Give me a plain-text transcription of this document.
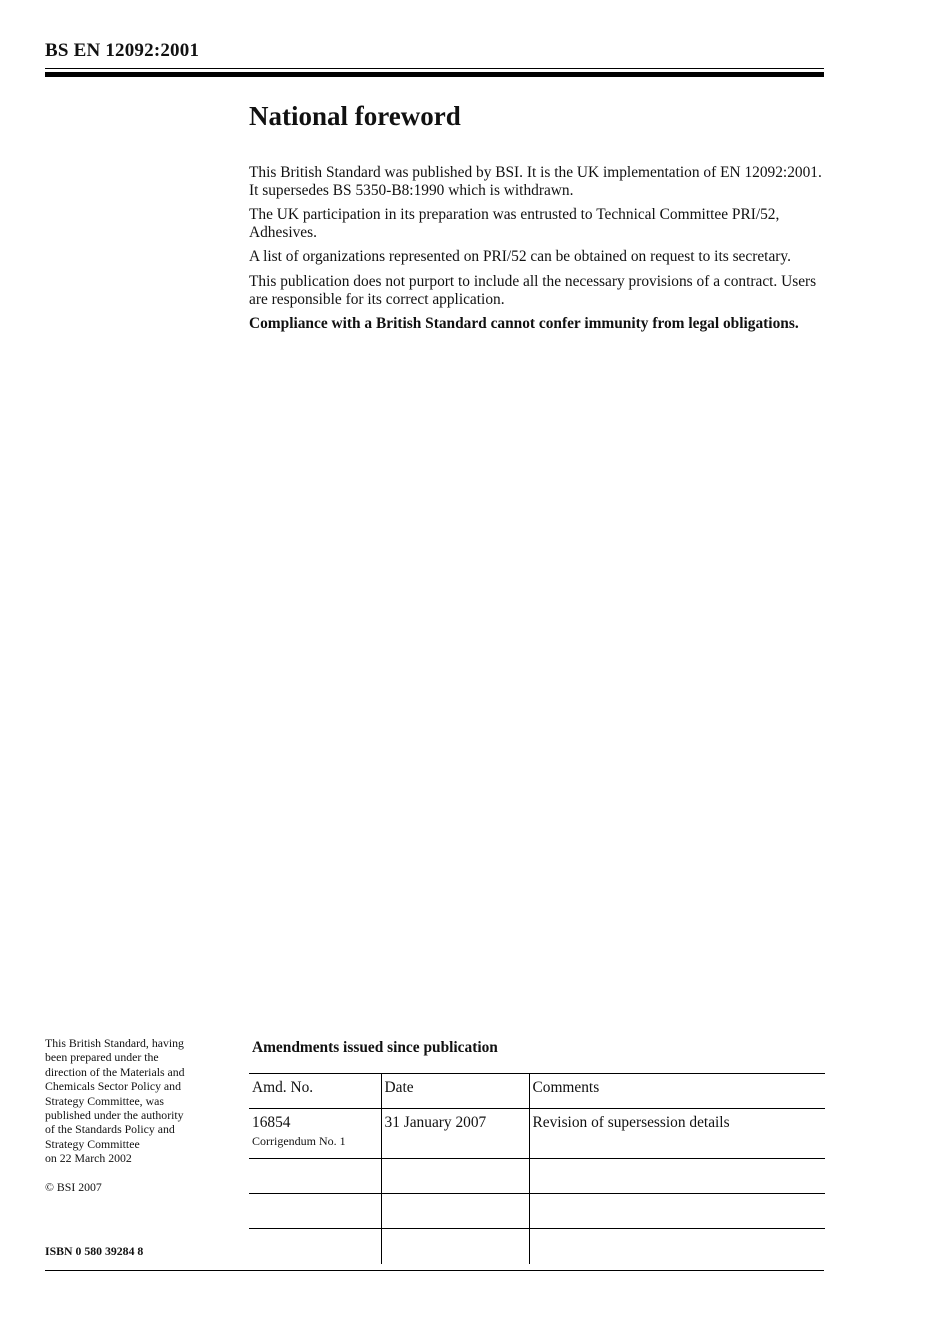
BS EN 12092:2001
National foreword

This British Standard was published by BSI. It is the UK implementation of EN 12092:2001. It supersedes BS 5350-B8:1990 which is withdrawn.

The UK participation in its preparation was entrusted to Technical Committee PRI/52, Adhesives.

A list of organizations represented on PRI/52 can be obtained on request to its secretary.

This publication does not purport to include all the necessary provisions of a contract. Users are responsible for its correct application.

Compliance with a British Standard cannot confer immunity from legal obligations.

This British Standard, having
been prepared under the
direction of the Materials and
Chemicals Sector Policy and
Strategy Committee, was
published under the authority
of the Standards Policy and
Strategy Committee
on 22 March 2002
© BSI 2007
ISBN 0 580 39284 8
Amendments issued since publication
Amd. No.	Date	Comments
16854
Corrigendum No. 1	31 January 2007	Revision of supersession details
